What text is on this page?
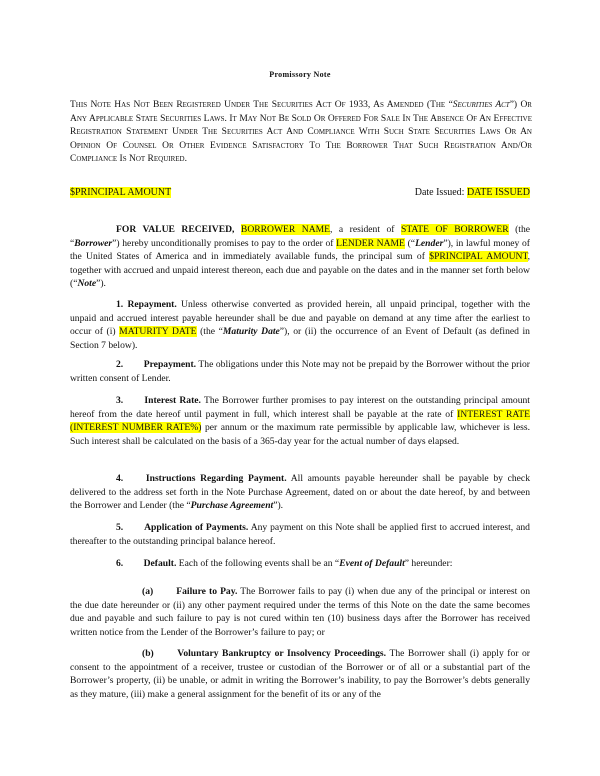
Promissory Note
This Note Has Not Been Registered Under The Securities Act Of 1933, As Amended (The “Securities Act”) Or Any Applicable State Securities Laws. It May Not Be Sold Or Offered For Sale In The Absence Of An Effective Registration Statement Under The Securities Act And Compliance With Such State Securities Laws Or An Opinion Of Counsel Or Other Evidence Satisfactory To The Borrower That Such Registration And/Or Compliance Is Not Required.
$PRINCIPAL AMOUNT	Date Issued: DATE ISSUED
FOR VALUE RECEIVED, BORROWER NAME, a resident of STATE OF BORROWER (the “Borrower”) hereby unconditionally promises to pay to the order of LENDER NAME (“Lender”), in lawful money of the United States of America and in immediately available funds, the principal sum of $PRINCIPAL AMOUNT, together with accrued and unpaid interest thereon, each due and payable on the dates and in the manner set forth below (“Note”).
1. Repayment. Unless otherwise converted as provided herein, all unpaid principal, together with the unpaid and accrued interest payable hereunder shall be due and payable on demand at any time after the earliest to occur of (i) MATURITY DATE (the “Maturity Date”), or (ii) the occurrence of an Event of Default (as defined in Section 7 below).
2. Prepayment. The obligations under this Note may not be prepaid by the Borrower without the prior written consent of Lender.
3. Interest Rate. The Borrower further promises to pay interest on the outstanding principal amount hereof from the date hereof until payment in full, which interest shall be payable at the rate of INTEREST RATE (INTEREST NUMBER RATE%) per annum or the maximum rate permissible by applicable law, whichever is less. Such interest shall be calculated on the basis of a 365-day year for the actual number of days elapsed.
4. Instructions Regarding Payment. All amounts payable hereunder shall be payable by check delivered to the address set forth in the Note Purchase Agreement, dated on or about the date hereof, by and between the Borrower and Lender (the “Purchase Agreement”).
5. Application of Payments. Any payment on this Note shall be applied first to accrued interest, and thereafter to the outstanding principal balance hereof.
6. Default. Each of the following events shall be an “Event of Default” hereunder:
(a) Failure to Pay. The Borrower fails to pay (i) when due any of the principal or interest on the due date hereunder or (ii) any other payment required under the terms of this Note on the date the same becomes due and payable and such failure to pay is not cured within ten (10) business days after the Borrower has received written notice from the Lender of the Borrower’s failure to pay; or
(b) Voluntary Bankruptcy or Insolvency Proceedings. The Borrower shall (i) apply for or consent to the appointment of a receiver, trustee or custodian of the Borrower or of all or a substantial part of the Borrower’s property, (ii) be unable, or admit in writing the Borrower’s inability, to pay the Borrower’s debts generally as they mature, (iii) make a general assignment for the benefit of its or any of the
